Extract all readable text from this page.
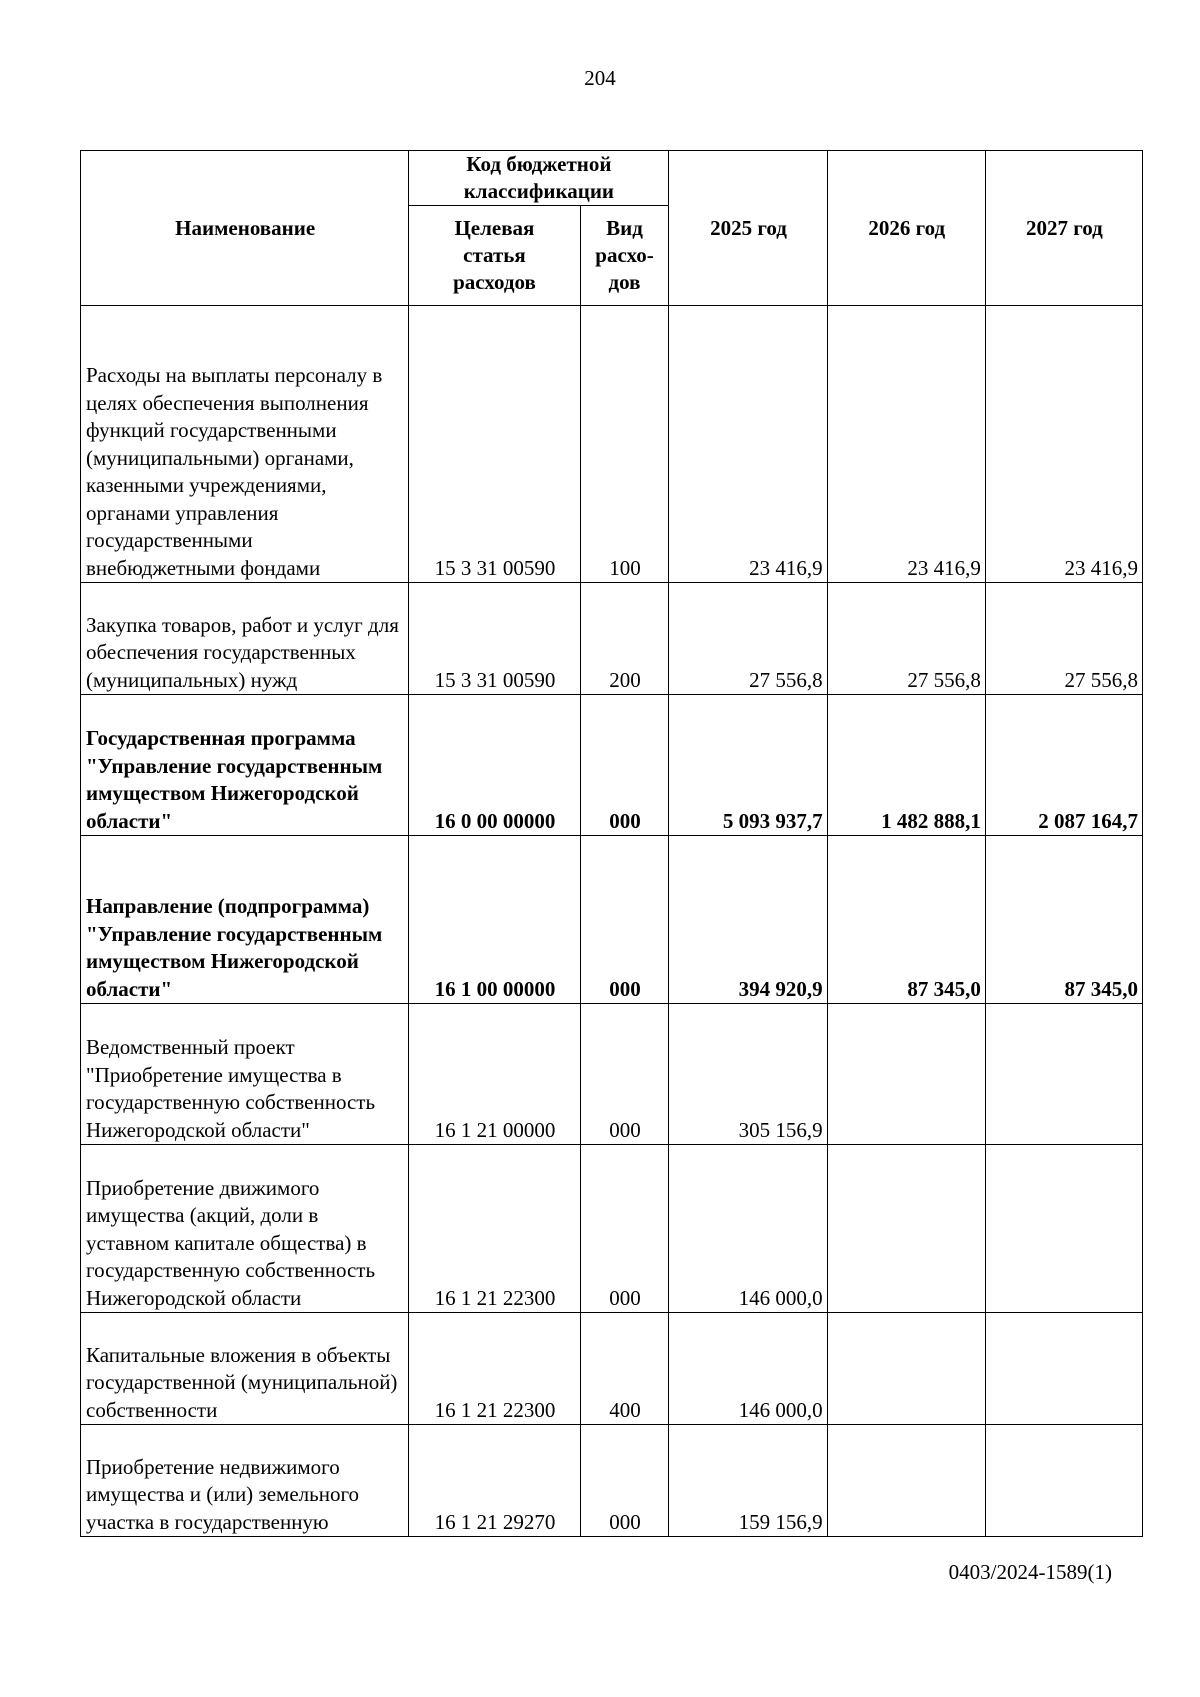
204
Наименование	Код бюджетной классификации		2025 год	2026 год	2027 год
	Целевая статья расходов	Вид расхо-дов			
Расходы на выплаты персоналу в целях обеспечения выполнения функций государственными (муниципальными) органами, казенными учреждениями, органами управления государственными внебюджетными фондами	15 3 31 00590	100	23 416,9	23 416,9	23 416,9
Закупка товаров, работ и услуг для обеспечения государственных (муниципальных) нужд	15 3 31 00590	200	27 556,8	27 556,8	27 556,8
Государственная программа "Управление государственным имуществом Нижегородской области"	16 0 00 00000	000	5 093 937,7	1 482 888,1	2 087 164,7
Направление (подпрограмма) "Управление государственным имуществом Нижегородской области"	16 1 00 00000	000	394 920,9	87 345,0	87 345,0
Ведомственный проект "Приобретение имущества в государственную собственность Нижегородской области"	16 1 21 00000	000	305 156,9		
Приобретение движимого имущества (акций, доли в уставном капитале общества) в государственную собственность Нижегородской области	16 1 21 22300	000	146 000,0		
Капитальные вложения в объекты государственной (муниципальной) собственности	16 1 21 22300	400	146 000,0		
Приобретение недвижимого имущества и (или) земельного участка в государственную	16 1 21 29270	000	159 156,9		
0403/2024-1589(1)
